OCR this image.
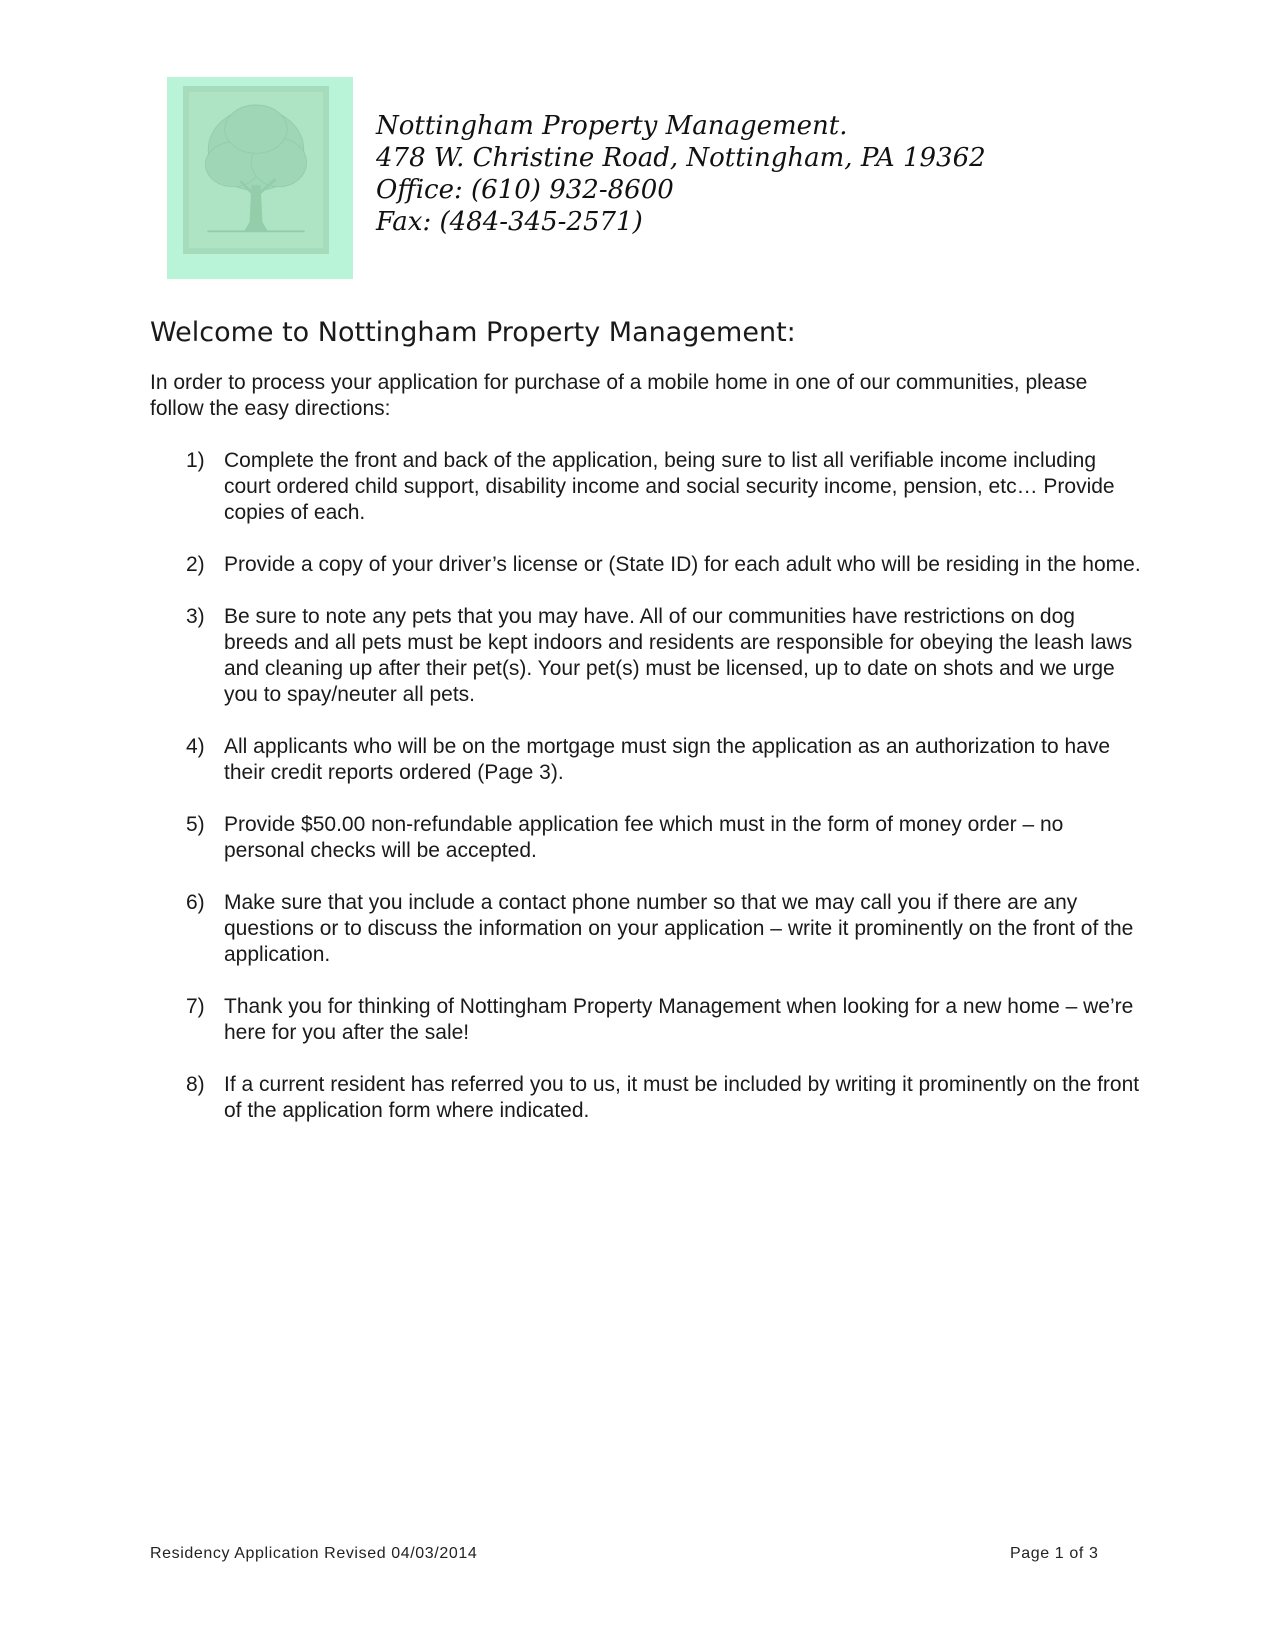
Nottingham Property Management.
478 W. Christine Road, Nottingham, PA 19362
Office: (610) 932-8600
Fax: (484-345-2571)
Welcome to Nottingham Property Management:
In order to process your application for purchase of a mobile home in one of our communities, please follow the easy directions:
1) Complete the front and back of the application, being sure to list all verifiable income including court ordered child support, disability income and social security income, pension, etc… Provide copies of each.
2) Provide a copy of your driver’s license or (State ID) for each adult who will be residing in the home.
3) Be sure to note any pets that you may have. All of our communities have restrictions on dog breeds and all pets must be kept indoors and residents are responsible for obeying the leash laws and cleaning up after their pet(s). Your pet(s) must be licensed, up to date on shots and we urge you to spay/neuter all pets.
4) All applicants who will be on the mortgage must sign the application as an authorization to have their credit reports ordered (Page 3).
5) Provide $50.00 non-refundable application fee which must in the form of money order – no personal checks will be accepted.
6) Make sure that you include a contact phone number so that we may call you if there are any questions or to discuss the information on your application – write it prominently on the front of the application.
7) Thank you for thinking of Nottingham Property Management when looking for a new home – we’re here for you after the sale!
8) If a current resident has referred you to us, it must be included by writing it prominently on the front of the application form where indicated.
Residency Application Revised 04/03/2014	Page 1 of 3
